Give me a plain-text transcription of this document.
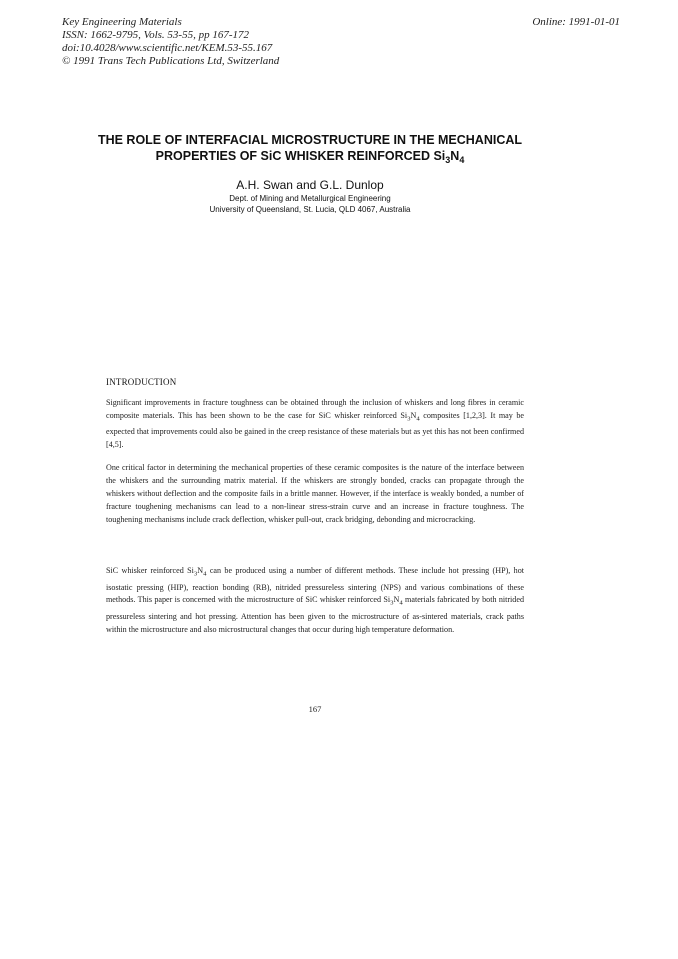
Key Engineering Materials
ISSN: 1662-9795, Vols. 53-55, pp 167-172
doi:10.4028/www.scientific.net/KEM.53-55.167
© 1991 Trans Tech Publications Ltd, Switzerland
Online: 1991-01-01
THE ROLE OF INTERFACIAL MICROSTRUCTURE IN THE MECHANICAL
PROPERTIES OF SiC WHISKER REINFORCED $Si_3N_4$
A.H. Swan and G.L. Dunlop
Dept. of Mining and Metallurgical Engineering
University of Queensland, St. Lucia, QLD 4067, Australia
INTRODUCTION
Significant improvements in fracture toughness can be obtained through the inclusion of whiskers and long fibres in ceramic composite materials. This has been shown to be the case for SiC whisker reinforced $Si_3N_4$ composites [1,2,3]. It may be expected that improvements could also be gained in the creep resistance of these materials but as yet this has not been confirmed [4,5].
One critical factor in determining the mechanical properties of these ceramic composites is the nature of the interface between the whiskers and the surrounding matrix material. If the whiskers are strongly bonded, cracks can propagate through the whiskers without deflection and the composite fails in a brittle manner. However, if the interface is weakly bonded, a number of fracture toughening mechanisms can lead to a non-linear stress-strain curve and an increase in fracture toughness. The toughening mechanisms include crack deflection, whisker pull-out, crack bridging, debonding and microcracking.
SiC whisker reinforced $Si_3N_4$ can be produced using a number of different methods. These include hot pressing (HP), hot isostatic pressing (HIP), reaction bonding (RB), nitrided pressureless sintering (NPS) and various combinations of these methods. This paper is concerned with the microstructure of SiC whisker reinforced $Si_3N_4$ materials fabricated by both nitrided pressureless sintering and hot pressing. Attention has been given to the microstructure of as-sintered materials, crack paths within the microstructure and also microstructural changes that occur during high temperature deformation.
167
